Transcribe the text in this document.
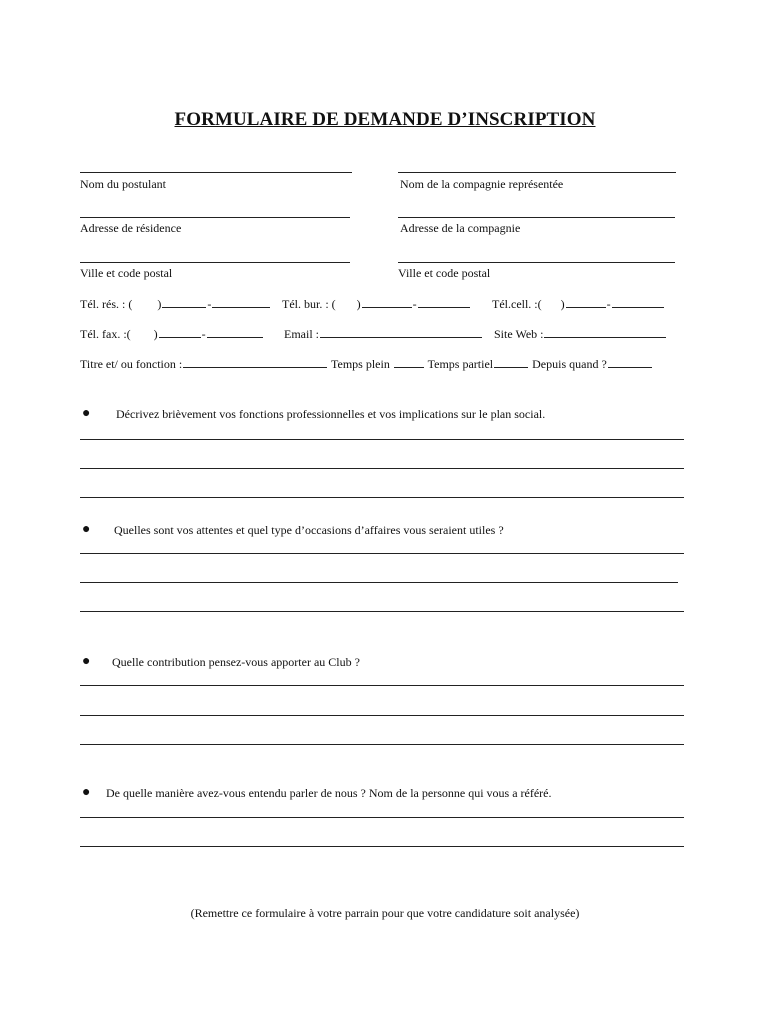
FORMULAIRE DE DEMANDE D’INSCRIPTION
Nom du postulant	Nom de la compagnie représentée
Adresse de résidence	Adresse de la compagnie
Ville et code postal	Ville et code postal
Tél. rés. : ( )	-	Tél. bur. : ( )	-	Tél.cell. :( )	-
Tél. fax. :( )	-	Email :	Site Web :
Titre et/ ou fonction :	Temps plein	Temps partiel	Depuis quand ?
● Décrivez brièvement vos fonctions professionnelles et vos implications sur le plan social.
● Quelles sont vos attentes et quel type d’occasions d’affaires vous seraient utiles ?
● Quelle contribution pensez-vous apporter au Club ?
● De quelle manière avez-vous entendu parler de nous ? Nom de la personne qui vous a référé.
(Remettre ce formulaire à votre parrain pour que votre candidature soit analysée)
